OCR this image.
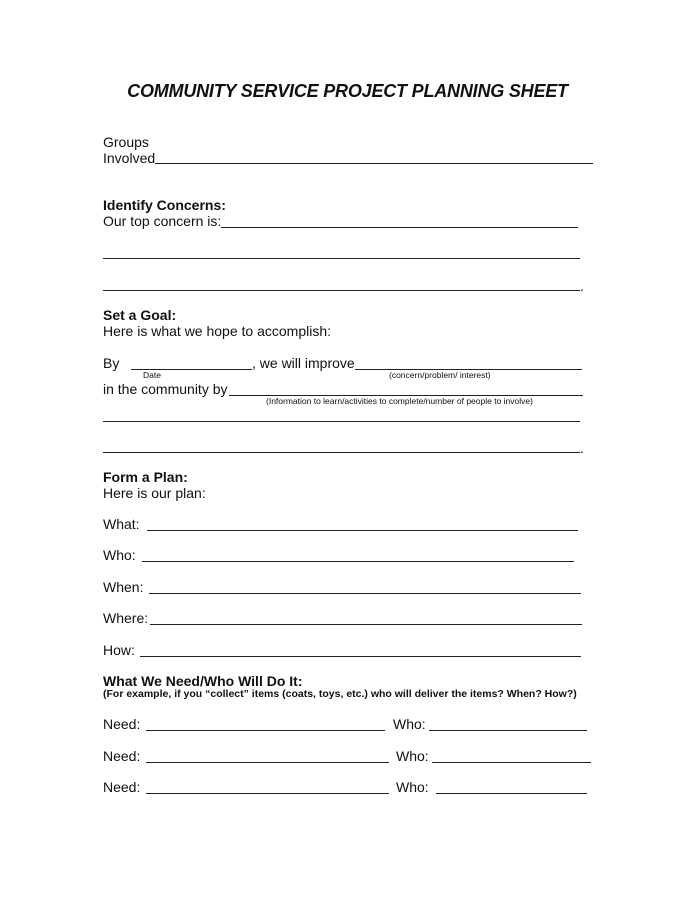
COMMUNITY SERVICE PROJECT PLANNING SHEET
Groups
Involved
Identify Concerns:
Our top concern is:
.
Set a Goal:
Here is what we hope to accomplish:
By	, we will improve
Date	(concern/problem/ interest)
in the community by
(Information to learn/activities to complete/number of people to involve)
.
Form a Plan:
Here is our plan:
What:
Who:
When:
Where:
How:
What We Need/Who Will Do It:
(For example, if you “collect” items (coats, toys, etc.) who will deliver the items? When? How?)
Need:	Who:
Need:	Who:
Need:	Who:
